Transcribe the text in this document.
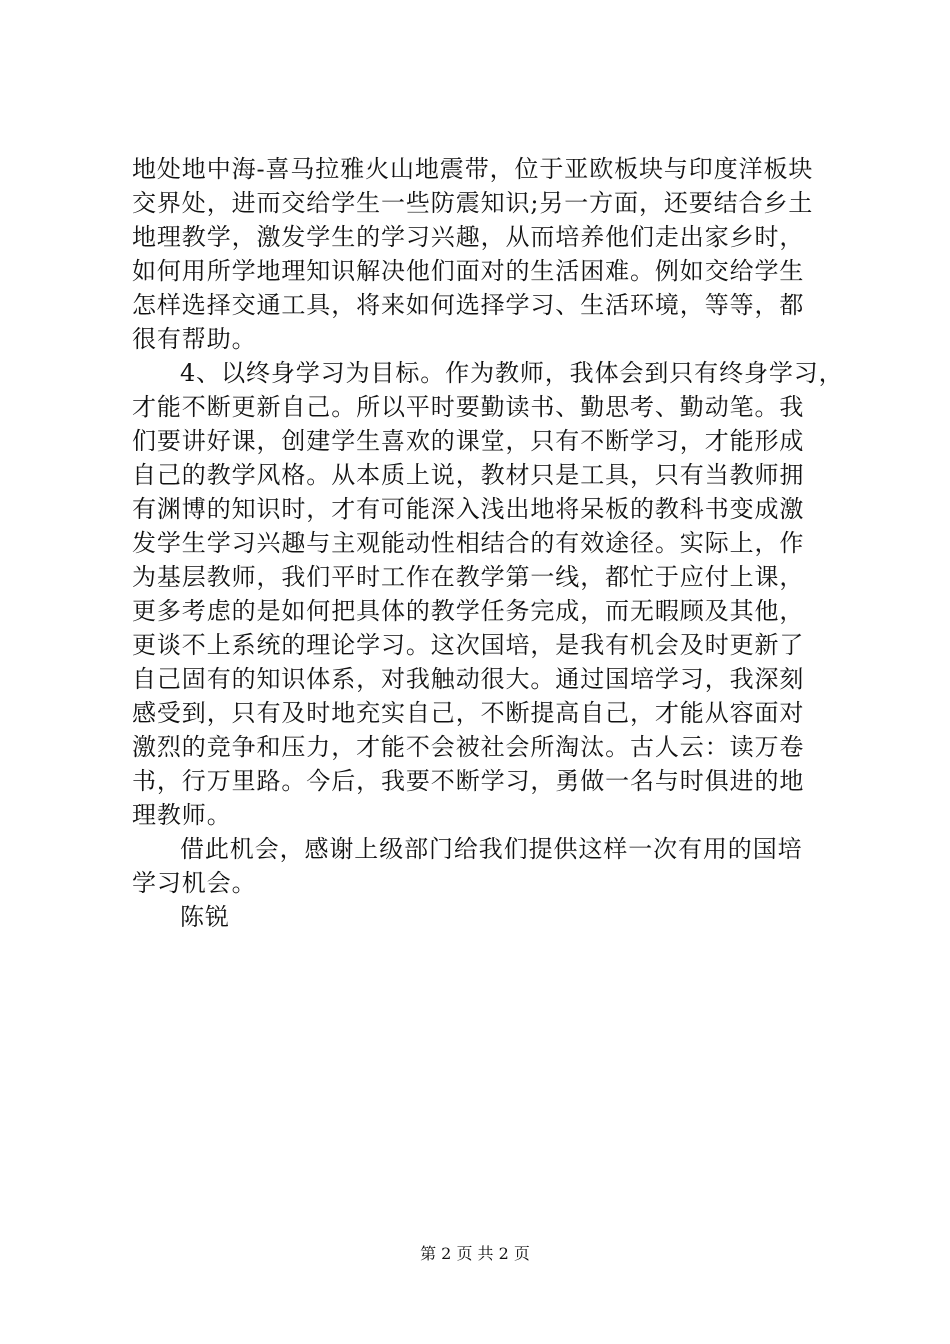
地处地中海-喜马拉雅火山地震带，位于亚欧板块与印度洋板块
交界处，进而交给学生一些防震知识;另一方面，还要结合乡土
地理教学，激发学生的学习兴趣，从而培养他们走出家乡时，
如何用所学地理知识解决他们面对的生活困难。例如交给学生
怎样选择交通工具，将来如何选择学习、生活环境，等等，都
很有帮助。
4、以终身学习为目标。作为教师，我体会到只有终身学习，
才能不断更新自己。所以平时要勤读书、勤思考、勤动笔。我
们要讲好课，创建学生喜欢的课堂，只有不断学习，才能形成
自己的教学风格。从本质上说，教材只是工具，只有当教师拥
有渊博的知识时，才有可能深入浅出地将呆板的教科书变成激
发学生学习兴趣与主观能动性相结合的有效途径。实际上，作
为基层教师，我们平时工作在教学第一线，都忙于应付上课，
更多考虑的是如何把具体的教学任务完成，而无暇顾及其他，
更谈不上系统的理论学习。这次国培，是我有机会及时更新了
自己固有的知识体系，对我触动很大。通过国培学习，我深刻
感受到，只有及时地充实自己，不断提高自己，才能从容面对
激烈的竞争和压力，才能不会被社会所淘汰。古人云：读万卷
书，行万里路。今后，我要不断学习，勇做一名与时俱进的地
理教师。
借此机会，感谢上级部门给我们提供这样一次有用的国培
学习机会。
陈锐
第 2 页 共 2 页
